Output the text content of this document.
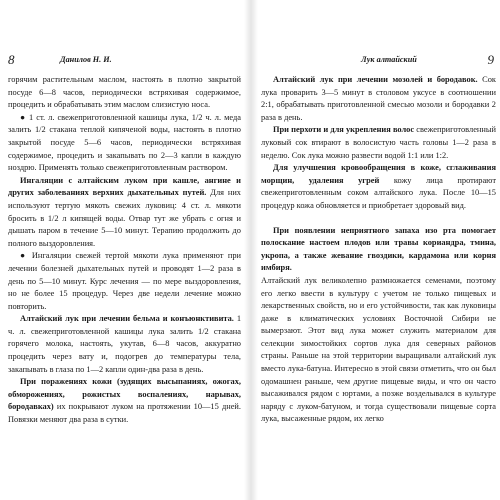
8	Данилов Н. И.

горячим растительным маслом, настоять в плотно закрытой посуде 6—8 часов, периодически встряхивая содержимое, процедить и обрабатывать этим маслом слизистую носа.

● 1 ст. л. свежеприготовленной кашицы лука, 1/2 ч. л. меда залить 1/2 стакана теплой кипяченой воды, настоять в плотно закрытой посуде 5—6 часов, периодически встряхивая содержимое, процедить и закапывать по 2—3 капли в каждую ноздрю. Применять только свежеприготовленным раствором.

Ингаляции с алтайским луком при кашле, ангине и других заболеваниях верхних дыхательных путей. Для них используют тертую мякоть свежих луковиц: 4 ст. л. мякоти бросить в 1/2 л кипящей воды. Отвар тут же убрать с огня и дышать паром в течение 5—10 минут. Терапию продолжить до полного выздоровления.

● Ингаляции свежей тертой мякоти лука применяют при лечении болезней дыхательных путей и проводят 1—2 раза в день по 5—10 минут. Курс лечения — по мере выздоровления, но не более 15 процедур. Через две недели лечение можно повторить.

Алтайский лук при лечении бельма и конъюнктивита. 1 ч. л. свежеприготовленной кашицы лука залить 1/2 стакана горячего молока, настоять, укутав, 6—8 часов, аккуратно процедить через вату и, подогрев до температуры тела, закапывать в глаза по 1—2 капли один-два раза в день.

При поражениях кожи (зудящих высыпаниях, ожогах, обморожениях, рожистых воспалениях, нарывах, бородавках) их покрывают луком на протяжении 10—15 дней. Повязки меняют два раза в сутки.

Лук алтайский	9

Алтайский лук при лечении мозолей и бородавок. Сок лука проварить 3—5 минут в столовом уксусе в соотношении 2:1, обрабатывать приготовленной смесью мозоли и бородавки 2 раза в день.

При перхоти и для укрепления волос свежеприготовленный луковый сок втирают в волосистую часть головы 1—2 раза в неделю. Сок лука можно развести водой 1:1 или 1:2.

Для улучшения кровообращения в коже, сглаживания морщин, удаления угрей кожу лица протирают свежеприготовленным соком алтайского лука. После 10—15 процедур кожа обновляется и приобретает здоровый вид.

При появлении неприятного запаха изо рта помогает полоскание настоем плодов или травы кориандра, тмина, укропа, а также жевание гвоздики, кардамона или корня имбиря.

Алтайский лук великолепно размножается семенами, поэтому его легко ввести в культуру с учетом не только пищевых и лекарственных свойств, но и его устойчивости, так как луковицы даже в климатических условиях Восточной Сибири не вымерзают. Этот вид лука может служить материалом для селекции зимостойких сортов лука для северных районов страны. Раньше на этой территории выращивали алтайский лук вместо лука-батуна. Интересно в этой связи отметить, что он был одомашнен раньше, чем другие пищевые виды, и что он часто высаживался рядом с юртами, а позже возделывался в культуре наряду с луком-батуном, и тогда существовали пищевые сорта лука, высаженные рядом, их легко
